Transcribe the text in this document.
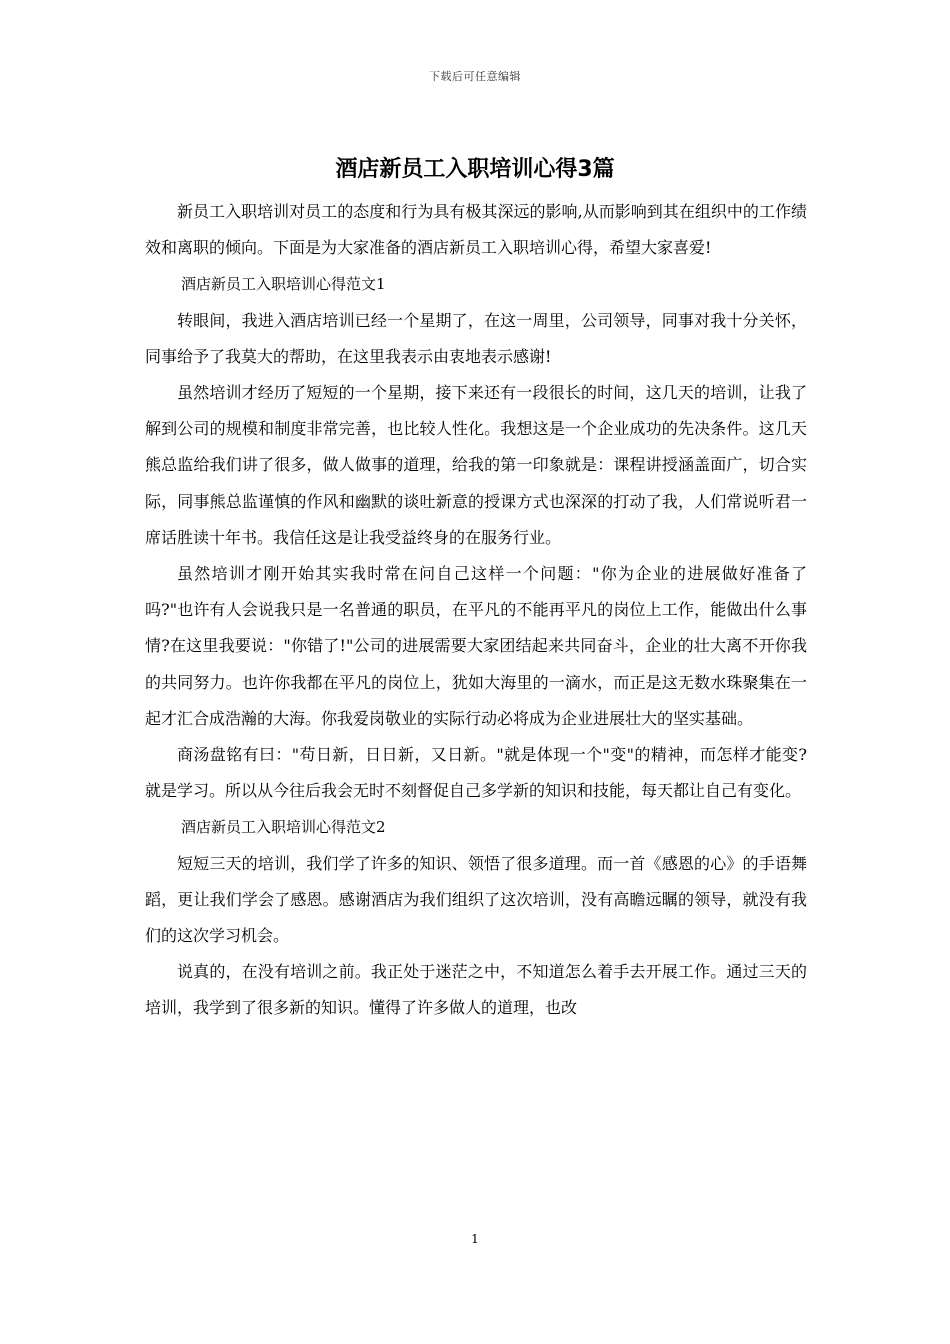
下载后可任意编辑
酒店新员工入职培训心得3篇

新员工入职培训对员工的态度和行为具有极其深远的影响,从而影响到其在组织中的工作绩效和离职的倾向。下面是为大家准备的酒店新员工入职培训心得，希望大家喜爱!

酒店新员工入职培训心得范文1

转眼间，我进入酒店培训已经一个星期了，在这一周里，公司领导，同事对我十分关怀，同事给予了我莫大的帮助，在这里我表示由衷地表示感谢!

虽然培训才经历了短短的一个星期，接下来还有一段很长的时间，这几天的培训，让我了解到公司的规模和制度非常完善，也比较人性化。我想这是一个企业成功的先决条件。这几天熊总监给我们讲了很多，做人做事的道理，给我的第一印象就是：课程讲授涵盖面广，切合实际，同事熊总监谨慎的作风和幽默的谈吐新意的授课方式也深深的打动了我，人们常说听君一席话胜读十年书。我信任这是让我受益终身的在服务行业。

虽然培训才刚开始其实我时常在问自己这样一个问题："你为企业的进展做好准备了吗?"也许有人会说我只是一名普通的职员，在平凡的不能再平凡的岗位上工作，能做出什么事情?在这里我要说："你错了!"公司的进展需要大家团结起来共同奋斗，企业的壮大离不开你我的共同努力。也许你我都在平凡的岗位上，犹如大海里的一滴水，而正是这无数水珠聚集在一起才汇合成浩瀚的大海。你我爱岗敬业的实际行动必将成为企业进展壮大的坚实基础。

商汤盘铭有曰："苟日新，日日新，又日新。"就是体现一个"变"的精神，而怎样才能变?就是学习。所以从今往后我会无时不刻督促自己多学新的知识和技能，每天都让自己有变化。

酒店新员工入职培训心得范文2

短短三天的培训，我们学了许多的知识、领悟了很多道理。而一首《感恩的心》的手语舞蹈，更让我们学会了感恩。感谢酒店为我们组织了这次培训，没有高瞻远瞩的领导，就没有我们的这次学习机会。

说真的，在没有培训之前。我正处于迷茫之中，不知道怎么着手去开展工作。通过三天的培训，我学到了很多新的知识。懂得了许多做人的道理，也改

1
